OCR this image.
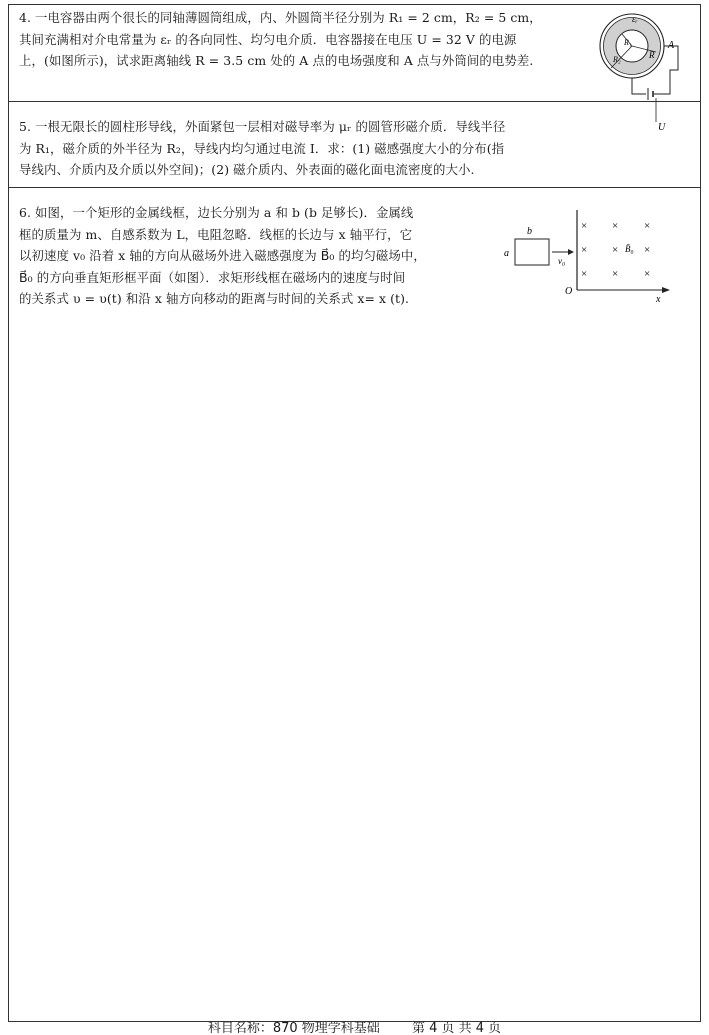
4. 一电容器由两个很长的同轴薄圆筒组成，内、外圆筒半径分别为 R₁ = 2 cm，R₂ = 5 cm，
其间充满相对介电常量为 εᵣ 的各向同性、均匀电介质．电容器接在电压 U = 32 V 的电源
上，(如图所示)，试求距离轴线 R = 3.5 cm 处的 A 点的电场强度和 A 点与外筒间的电势差.
εᵣ
R₁
R₂	R
A
U
5. 一根无限长的圆柱形导线，外面紧包一层相对磁导率为 μᵣ 的圆管形磁介质．导线半径
为 R₁，磁介质的外半径为 R₂，导线内均匀通过电流 I．求：(1) 磁感强度大小的分布(指
导线内、介质内及介质以外空间)；(2) 磁介质内、外表面的磁化面电流密度的大小.
6. 如图，一个矩形的金属线框，边长分别为 a 和 b (b 足够长)．金属线
框的质量为 m、自感系数为 L，电阻忽略．线框的长边与 x 轴平行，它
以初速度 v₀ 沿着 x 轴的方向从磁场外进入磁感强度为 B⃗₀ 的均匀磁场中，
B⃗₀ 的方向垂直矩形框平面（如图）．求矩形线框在磁场内的速度与时间
的关系式 υ = υ(t) 和沿 x 轴方向移动的距离与时间的关系式 x= x (t).
a
b
v₀
O
x
× × ×
× × B̄₀ ×
× × ×
科目名称：870 物理学科基础 第 4 页 共 4 页
